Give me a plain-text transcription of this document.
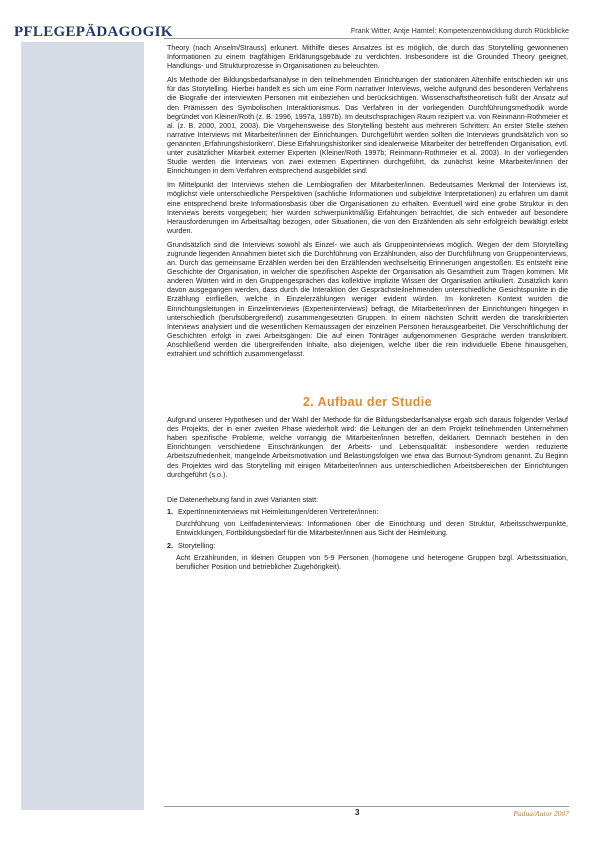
PFLEGEPÄDAGOGIK	Frank Witter, Antje Hamtel: Kompetenzentwicklung durch Rückblicke

Theory (nach Anselm/Strauss) erkunert. Mithilfe dieses Ansatzes ist es möglich, die durch das Storytelling gewonnenen Informationen zu einem tragfähigen Erklärungsgebäude zu verdichten. Insbesondere ist die Grounded Theory geeignet, Handlungs- und Strukturprozesse in Organisationen zu beleuchten.

Als Methode der Bildungsbedarfsanalyse in den teilnehmenden Einrichtungen der stationären Altenhilfe entschieden wir uns für das Storytelling. Hierbei handelt es sich um eine Form narrativer Interviews, welche aufgrund des besonderen Verfahrens die Biografie der interviewten Personen mit einbeziehen und berücksichtigen. Wissenschaftstheoretisch fußt der Ansatz auf den Prämissen des Symbolischen Interaktionismus. Das Verfahren in der vorliegenden Durchführungsmethodik wurde begründet von Kleiner/Roth (z. B. 1996, 1997a, 1997b). Im deutschsprachigen Raum rezipiert v.a. von Reinmann-Rothmeier et al. (z. B. 2000, 2001, 2003). Die Vorgehensweise des Storytelling besteht aus mehreren Schritten: An erster Stelle stehen narrative Interviews mit Mitarbeiter/innen der Einrichtungen. Durchgeführt werden sollten die Interviews grundsätzlich von so genannten ‚Erfahrungshistorikern'. Diese Erfahrungshistoriker sind idealerweise Mitarbeiter der betreffenden Organisation, evtl. unter zusätzlicher Mitarbeit externer Experten (Kleiner/Roth 1997b; Reinmann-Rothmeier et al. 2003). In der vorliegenden Studie werden die Interviews von zwei externen Expertinnen durchgeführt, da zunächst keine Mitarbeiter/innen der Einrichtungen in dem Verfahren entsprechend ausgebildet sind.

Im Mittelpunkt der Interviews stehen die Lernbiografien der Mitarbeiter/innen. Bedeutsames Merkmal der Interviews ist, möglichst viele unterschiedliche Perspektiven (sachliche Informationen und subjektive Interpretationen) zu erfahren um damit eine entsprechend breite Informationsbasis über die Organisationen zu erhalten. Eventuell wird eine grobe Struktur in den Interviews bereits vorgegeben; hier wurden schwerpunktmäßig Erfahrungen betrachtet, die sich entweder auf besondere Herausforderungen im Arbeitsalltag bezogen, oder Situationen, die von den Erzählenden als sehr erfolgreich bewältigt erlebt wurden.

Grundsätzlich sind die Interviews sowohl als Einzel- wie auch als Gruppeninterviews möglich. Wegen der dem Storytelling zugrunde liegenden Annahmen bietet sich die Durchführung von Erzählrunden, also der Durchführung von Gruppeninterviews, an. Durch das gemeinsame Erzählen werden bei den Erzählenden wechselseitig Erinnerungen angestoßen. Es entsteht eine Geschichte der Organisation, in welcher die spezifischen Aspekte der Organisation als Gesamtheit zum Tragen kommen. Mit anderen Worten wird in den Gruppengesprächen das kollektive implizite Wissen der Organisation artikuliert. Zusätzlich kann davon ausgegangen werden, dass durch die Interaktion der Gesprächsteilnehmenden unterschiedliche Gesichtspunkte in die Erzählung einfließen, welche in Einzelerzählungen weniger evident würden. Im konkreten Kontext wurden die Einrichtungsleitungen in Einzelinterviews (Experteninterviews) befragt, die Mitarbeiter/innen der Einrichtungen hingegen in unterschiedlich (berufsübergreifend) zusammengesetzten Gruppen. In einem nächsten Schritt werden die transkribierten Interviews analysiert und die wesentlichen Kernaussagen der einzelnen Personen herausgearbeitet. Die Verschriftlichung der Geschichten erfolgt in zwei Arbeitsgängen: Die auf einen Tonträger aufgenommenen Gespräche werden transkribiert. Anschließend werden die übergreifenden Inhalte, also diejenigen, welche über die rein individuelle Ebene hinausgehen, extrahiert und schriftlich zusammengefasst.

2. Aufbau der Studie

Aufgrund unserer Hypothesen und der Wahl der Methode für die Bildungsbedarfsanalyse ergab sich daraus folgender Verlauf des Projekts, der in einer zweiten Phase wiederholt wird: die Leitungen der an dem Projekt teilnehmenden Unternehmen haben spezifische Probleme, welche vorrangig die Mitarbeiter/innen betreffen, deklariert. Demnach bestehen in den Einrichtungen verschiedene Einschränkungen der Arbeits- und Lebensqualität: insbesondere werden reduzierte Arbeitszufriedenheit, mangelnde Arbeitsmotivation und Belastungsfolgen wie etwa das Burnout-Syndrom genannt. Zu Beginn des Projektes wird das Storytelling mit einigen Mitarbeiter/innen aus unterschiedlichen Arbeitsbereichen der Einrichtungen durchgeführt (s.o.).

Die Datenerhebung fand in zwei Varianten statt:

1. ExpertInneninterviews mit Heimleitungen/deren Vertreter/innen:
Durchführung von Leitfadeninterviews: Informationen über die Einrichtung und deren Struktur, Arbeitsschwerpunkte, Entwicklungen, Fortbildungsbedarf für die Mitarbeiter/innen aus Sicht der Heimleitung.
2. Storytelling:
Acht Erzählrunden, in kleinen Gruppen von 5-9 Personen (homogene und heterogene Gruppen bzgl. Arbeitssituation, beruflicher Position und betrieblicher Zugehörigkeit).
3	Padua/Autor 2007
